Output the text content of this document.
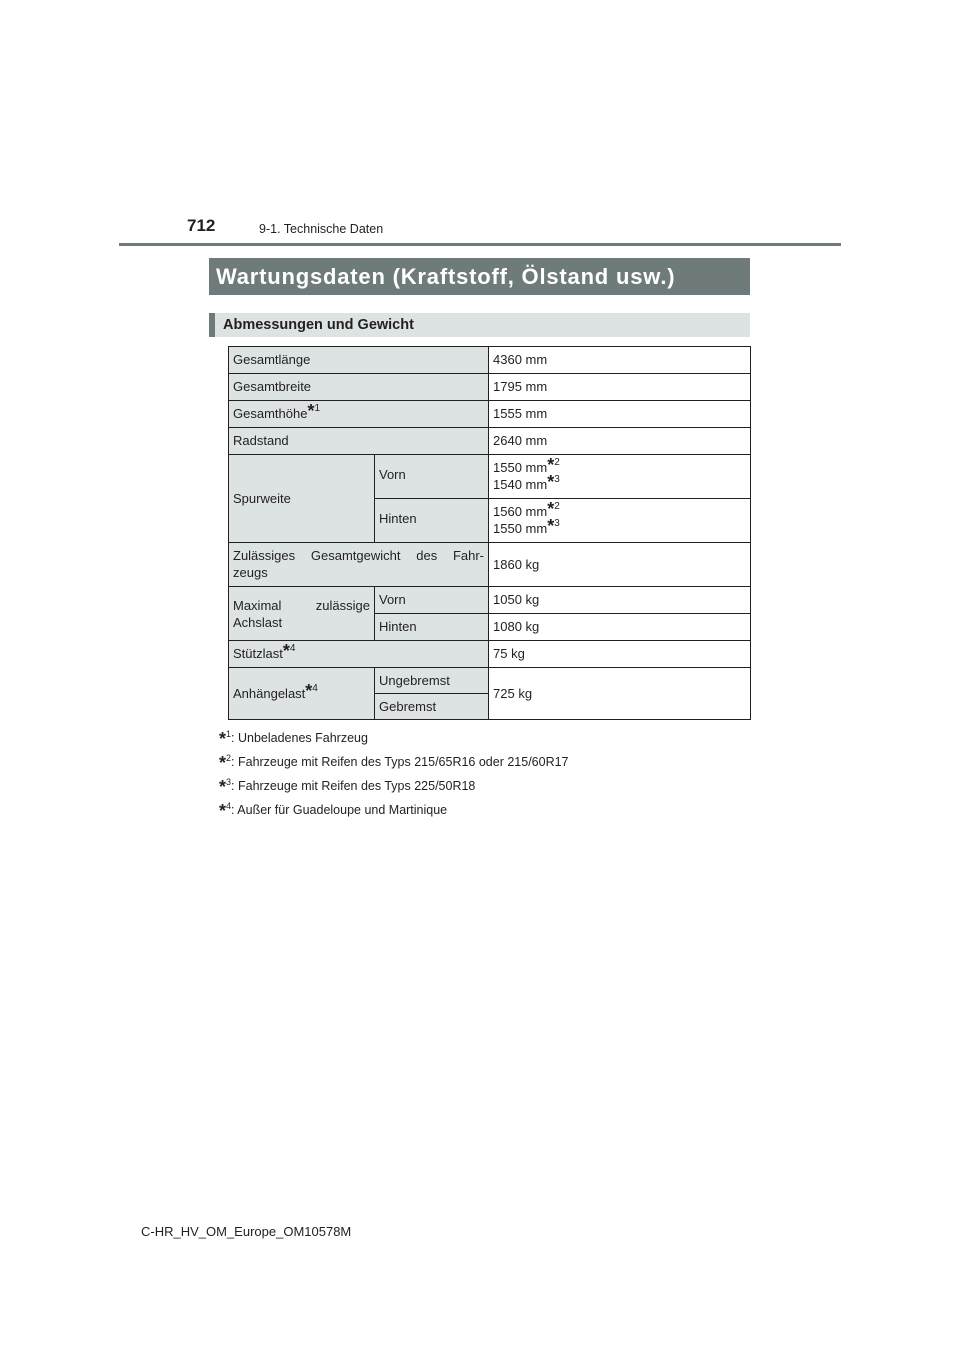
712	9-1. Technische Daten
Wartungsdaten (Kraftstoff, Ölstand usw.)
Abmessungen und Gewicht
Gesamtlänge		4360 mm
Gesamtbreite		1795 mm
Gesamthöhe*$^1$		1555 mm
Radstand		2640 mm
Spurweite	Vorn	1550 mm*$^2$
1540 mm*$^3$

	Hinten	1560 mm*$^2$
1550 mm*$^3$

Zulässiges Gesamtgewicht des Fahr-
zeugs		1860 kg
Maximal zulässige
Achslast	Vorn	1050 kg
	Hinten	1080 kg
Stützlast*$^4$		75 kg
Anhängelast*$^4$	Ungebremst	725 kg
	Gebremst	
*$^1$: Unbeladenes Fahrzeug
*$^2$: Fahrzeuge mit Reifen des Typs 215/65R16 oder 215/60R17
*$^3$: Fahrzeuge mit Reifen des Typs 225/50R18
*$^4$: Außer für Guadeloupe und Martinique
C-HR_HV_OM_Europe_OM10578M
